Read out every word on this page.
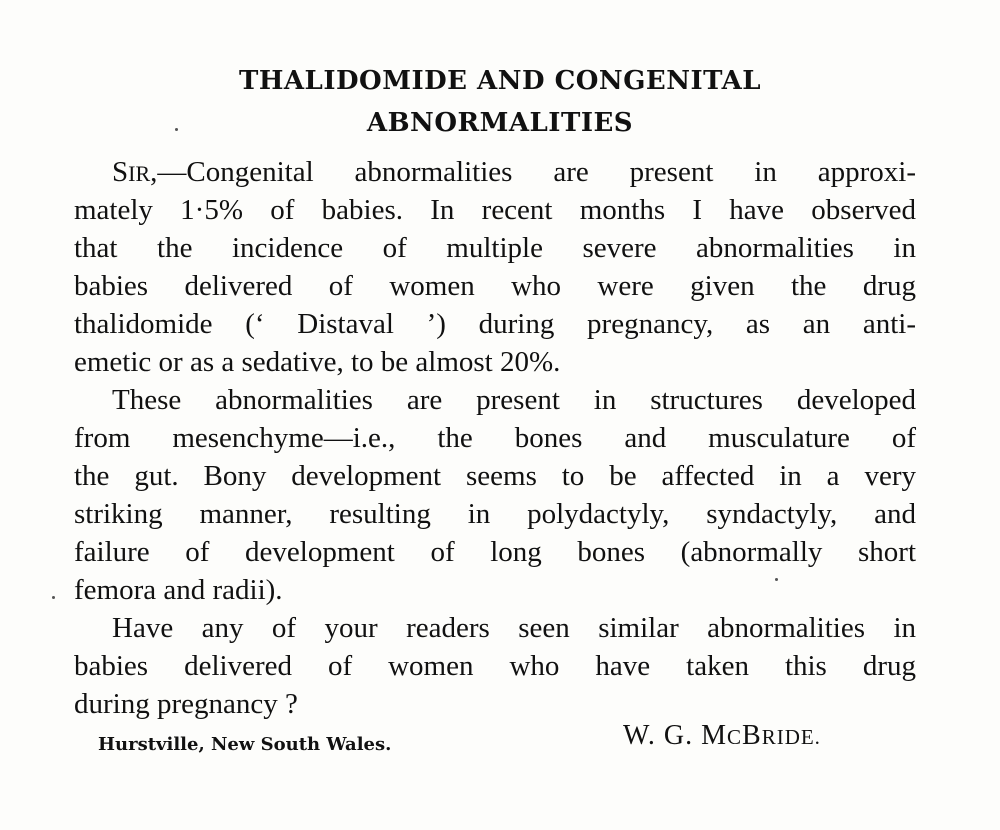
THALIDOMIDE AND CONGENITAL
ABNORMALITIES
SIR,—Congenital abnormalities are present in approxi-
mately 1·5% of babies. In recent months I have observed
that the incidence of multiple severe abnormalities in
babies delivered of women who were given the drug
thalidomide (‘ Distaval ’) during pregnancy, as an anti-
emetic or as a sedative, to be almost 20%.
These abnormalities are present in structures developed
from mesenchyme—i.e., the bones and musculature of
the gut. Bony development seems to be affected in a very
striking manner, resulting in polydactyly, syndactyly, and
failure of development of long bones (abnormally short
femora and radii).
Have any of your readers seen similar abnormalities in
babies delivered of women who have taken this drug
during pregnancy ?
Hurstville, New South Wales.	W. G. MCBRIDE.
